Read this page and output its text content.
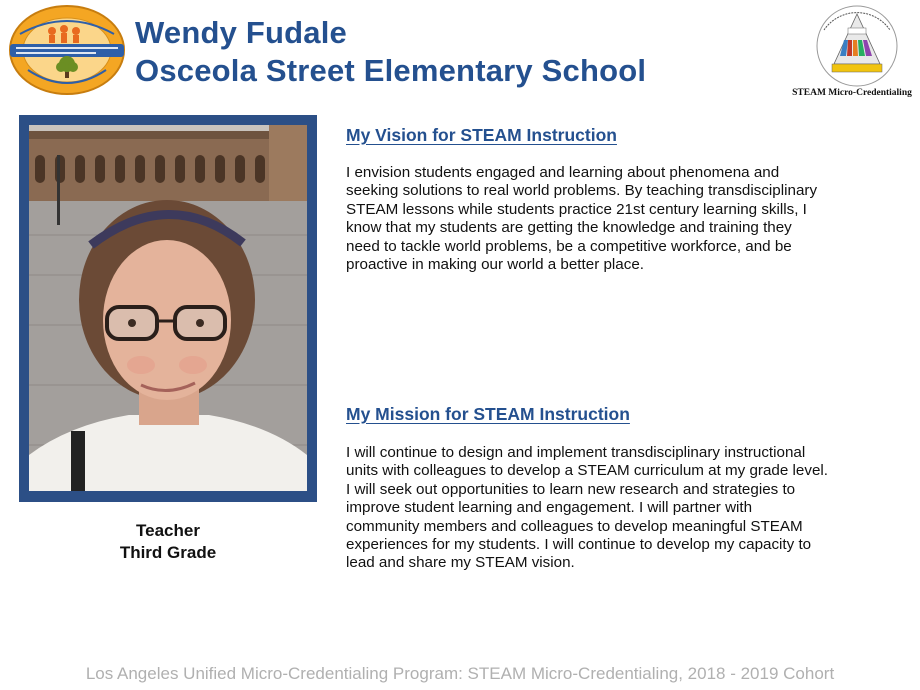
Wendy Fudale
Osceola Street Elementary School
STEAM Micro-Credentialing
Teacher
Third Grade
My Vision for STEAM Instruction
I envision students engaged and learning about phenomena and
seeking solutions to real world problems. By teaching transdisciplinary
STEAM lessons while students practice 21st century learning skills, I
know that my students are getting the knowledge and training they
need to tackle world problems, be a competitive workforce, and be
proactive in making our world a better place.
My Mission for STEAM Instruction
I will continue to design and implement transdisciplinary instructional
units with colleagues to develop a STEAM curriculum at my grade level.
I will seek out opportunities to learn new research and strategies to
improve student learning and engagement. I will partner with
community members and colleagues to develop meaningful STEAM
experiences for my students. I will continue to develop my capacity to
lead and share my STEAM vision.
Los Angeles Unified Micro-Credentialing Program: STEAM Micro-Credentialing, 2018 - 2019 Cohort
